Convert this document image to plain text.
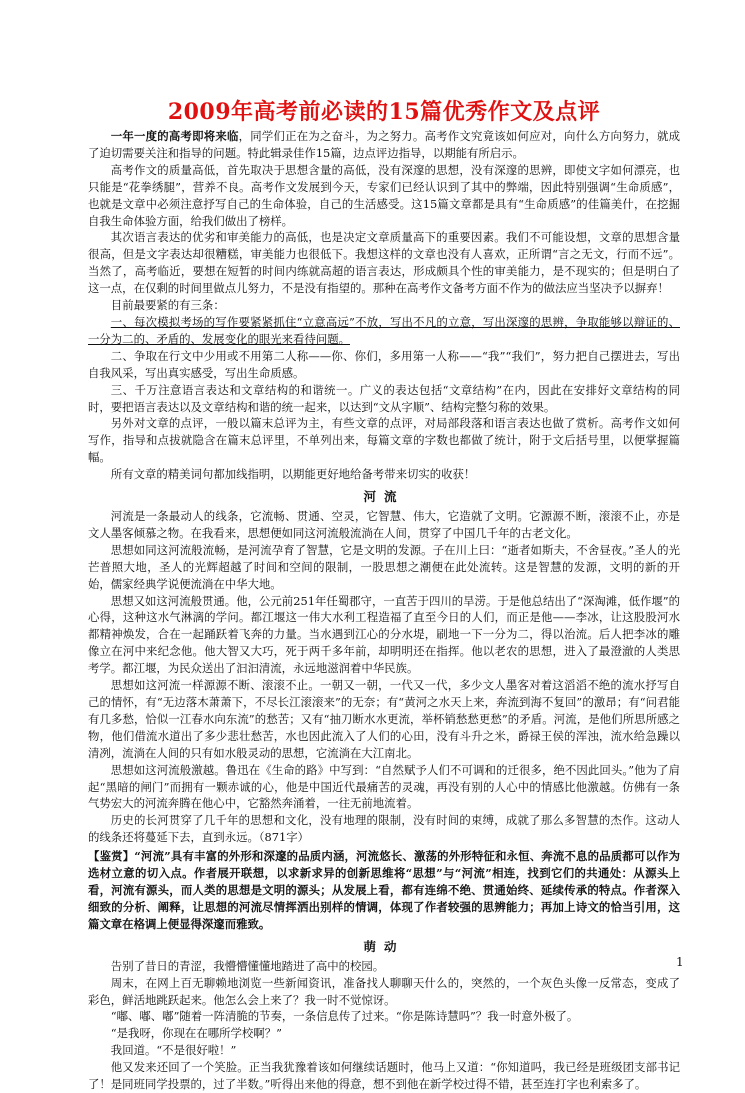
2009年高考前必读的15篇优秀作文及点评

一年一度的高考即将来临，同学们正在为之奋斗，为之努力。高考作文究竟该如何应对，向什么方向努力，就成了迫切需要关注和指导的问题。特此辑录佳作15篇，边点评边指导，以期能有所启示。

高考作文的质量高低，首先取决于思想含量的高低，没有深邃的思想，没有深邃的思辨，即使文字如何漂亮，也只能是“花拳绣腿”，营养不良。高考作文发展到今天，专家们已经认识到了其中的弊端，因此特别强调“生命质感”，也就是文章中必须注意抒写自己的生命体验，自己的生活感受。这15篇文章都是具有“生命质感”的佳篇美什，在挖掘自我生命体验方面，给我们做出了榜样。

其次语言表达的优劣和审美能力的高低，也是决定文章质量高下的重要因素。我们不可能设想，文章的思想含量很高，但是文字表达却很糟糕，审美能力也很低下。我想这样的文章也没有人喜欢，正所谓“言之无文，行而不远”。当然了，高考临近，要想在短暂的时间内练就高超的语言表达，形成颇具个性的审美能力，是不现实的；但是明白了这一点，在仅剩的时间里做点儿努力，不是没有指望的。那种在高考作文备考方面不作为的做法应当坚决予以摒弃！

目前最要紧的有三条：

一、每次模拟考场的写作要紧紧抓住“立意高远”不放，写出不凡的立意，写出深邃的思辨，争取能够以辩证的、一分为二的、矛盾的、发展变化的眼光来看待问题。

二、争取在行文中少用或不用第二人称——你、你们，多用第一人称——“我”“我们”，努力把自己摆进去，写出自我风采，写出真实感受，写出生命质感。

三、千万注意语言表达和文章结构的和谐统一。广义的表达包括“文章结构”在内，因此在安排好文章结构的同时，要把语言表达以及文章结构和谐的统一起来，以达到“文从字顺”、结构完整匀称的效果。

另外对文章的点评，一般以篇末总评为主，有些文章的点评，对局部段落和语言表达也做了赏析。高考作文如何写作，指导和点拔就隐含在篇末总评里，不单列出来，每篇文章的字数也都做了统计，附于文后括号里，以便掌握篇幅。

所有文章的精美词句都加线指明，以期能更好地给备考带来切实的收获！

河流

河流是一条最动人的线条，它流畅、贯通、空灵，它智慧、伟大，它造就了文明。它源源不断，滚滚不止，亦是文人墨客倾慕之物。在我看来，思想便如同这河流般流淌在人间，贯穿了中国几千年的古老文化。

思想如同这河流般流畅，是河流孕育了智慧，它是文明的发源。子在川上曰：“逝者如斯夫，不舍昼夜。”圣人的光芒普照大地，圣人的光辉超越了时间和空间的限制，一股思想之潮便在此处流转。这是智慧的发源，文明的新的开始，儒家经典学说便流淌在中华大地。

思想又如这河流般贯通。他，公元前251年任蜀郡守，一直苦于四川的旱涝。于是他总结出了“深淘滩，低作堰”的心得，这种这水气淋漓的学问。都江堰这一伟大水利工程造福了直至今日的人们，而正是他——李冰，让这股股河水都精神焕发，合在一起踊跃着飞奔的力量。当水遇到江心的分水堤，刷地一下一分为二，得以治流。后人把李冰的雕像立在河中来纪念他。他大智又大巧，死于两千多年前，却明明还在指挥。他以老农的思想，进入了最澄澈的人类思考学。都江堰，为民众送出了汩汩清流，永远地滋润着中华民族。

思想如这河流一样源源不断、滚滚不止。一朝又一朝，一代又一代，多少文人墨客对着这滔滔不绝的流水抒写自己的情怀，有“无边落木萧萧下，不尽长江滚滚来”的无奈；有“黄河之水天上来，奔流到海不复回”的激昂；有“问君能有几多愁，恰似一江春水向东流”的愁苦；又有“抽刀断水水更流，举杯销愁愁更愁”的矛盾。河流，是他们所思所感之物，他们借流水道出了多少悲壮愁苦，水也因此流入了人们的心田，没有斗升之米，爵禄王侯的浑浊，流水给急躁以清冽，流淌在人间的只有如水般灵动的思想，它流淌在大江南北。

思想如这河流般激越。鲁迅在《生命的路》中写到：“自然赋予人们不可调和的迁很多，绝不因此回头。”他为了肩起“黑暗的闸门”而拥有一颗赤诚的心，他是中国近代最痛苦的灵魂，再没有别的人心中的情感比他激越。仿佛有一条气势宏大的河流奔腾在他心中，它豁然奔涌着，一往无前地流着。

历史的长河贯穿了几千年的思想和文化，没有地理的限制，没有时间的束缚，成就了那么多智慧的杰作。这动人的线条还将蔓延下去，直到永远。（871字）

【鉴赏】“河流”具有丰富的外形和深邃的品质内涵，河流悠长、激荡的外形特征和永恒、奔流不息的品质都可以作为选材立意的切入点。作者展开联想，以求新求异的创新思维将“思想”与“河流”相连，找到它们的共通处：从源头上看，河流有源头，而人类的思想是文明的源头；从发展上看，都有连绵不绝、贯通始终、延续传承的特点。作者深入细致的分析、阐释，让思想的河流尽情挥洒出别样的情调，体现了作者较强的思辨能力；再加上诗文的恰当引用，这篇文章在格调上便显得深邃而雅致。

萌动

告别了昔日的青涩，我懵懵懂懂地踏进了高中的校园。

周末，在网上百无聊赖地浏览一些新闻资讯，准备找人聊聊天什么的，突然的，一个灰色头像一反常态，变成了彩色，鲜活地跳跃起来。他怎么会上来了？我一时不觉惊讶。

“嘟、嘟、嘟”随着一阵清脆的节奏，一条信息传了过来。“你是陈诗慧吗”？我一时意外极了。

“是我呀，你现在在哪所学校啊？”

我回道。“不是很好啦！”

他又发来还回了一个笑脸。正当我犹豫着该如何继续话题时，他马上又道：“你知道吗，我已经是班级团支部书记了！是同班同学投票的，过了半数。”听得出来他的得意，想不到他在新学校过得不错，甚至连打字也利索多了。

1
